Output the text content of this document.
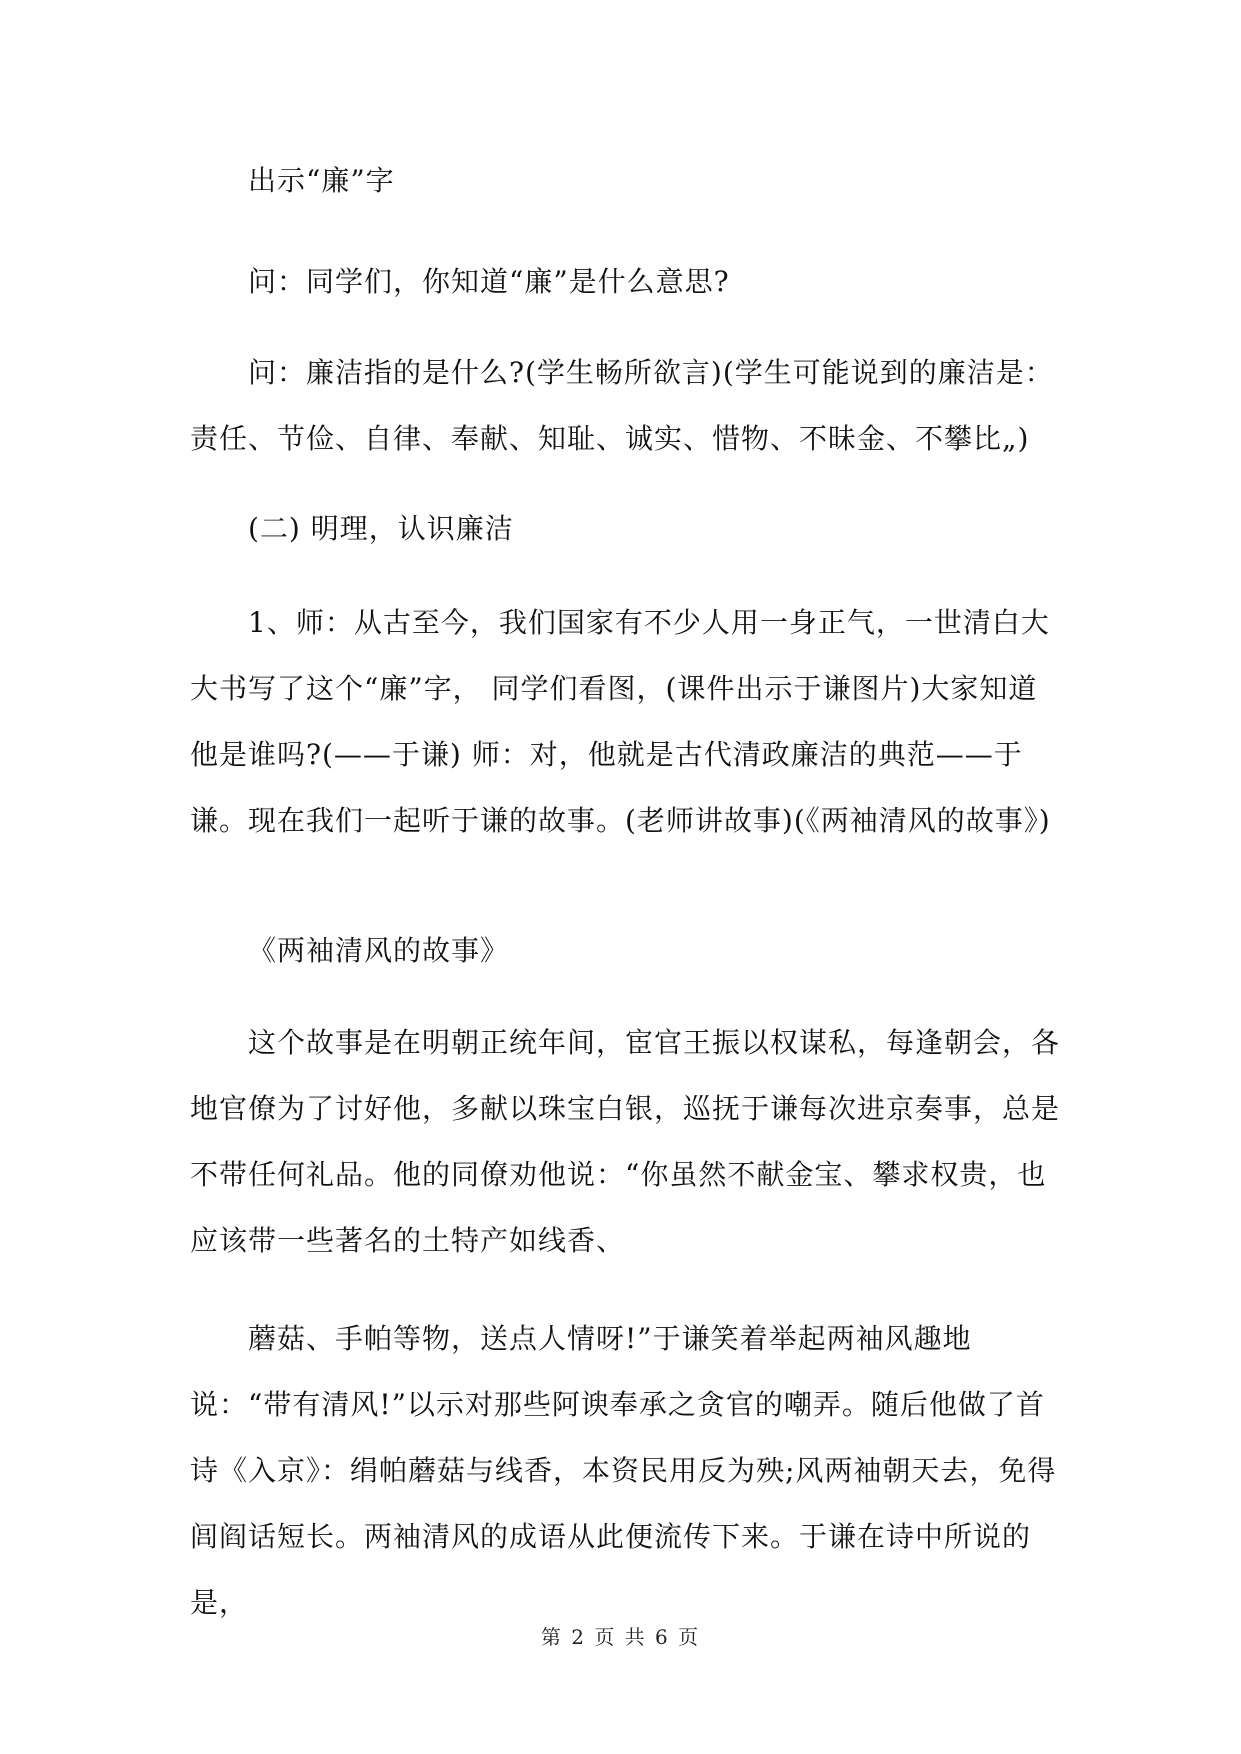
出示“廉”字

问：同学们，你知道“廉”是什么意思?

问：廉洁指的是什么?(学生畅所欲言)(学生可能说到的廉洁是：责任、节俭、自律、奉献、知耻、诚实、惜物、不昧金、不攀比„)

(二) 明理，认识廉洁

1、师：从古至今，我们国家有不少人用一身正气，一世清白大大书写了这个“廉”字， 同学们看图，(课件出示于谦图片)大家知道他是谁吗?(——于谦) 师：对，他就是古代清政廉洁的典范——于谦。现在我们一起听于谦的故事。(老师讲故事)(《两袖清风的故事》)

《两袖清风的故事》

这个故事是在明朝正统年间，宦官王振以权谋私，每逢朝会，各地官僚为了讨好他，多献以珠宝白银，巡抚于谦每次进京奏事，总是不带任何礼品。他的同僚劝他说：“你虽然不献金宝、攀求权贵，也应该带一些著名的土特产如线香、

蘑菇、手帕等物，送点人情呀!”于谦笑着举起两袖风趣地说：“带有清风!”以示对那些阿谀奉承之贪官的嘲弄。随后他做了首诗《入京》：绢帕蘑菇与线香，本资民用反为殃;风两袖朝天去，免得闾阎话短长。两袖清风的成语从此便流传下来。于谦在诗中所说的是，

第 2 页 共 6 页
